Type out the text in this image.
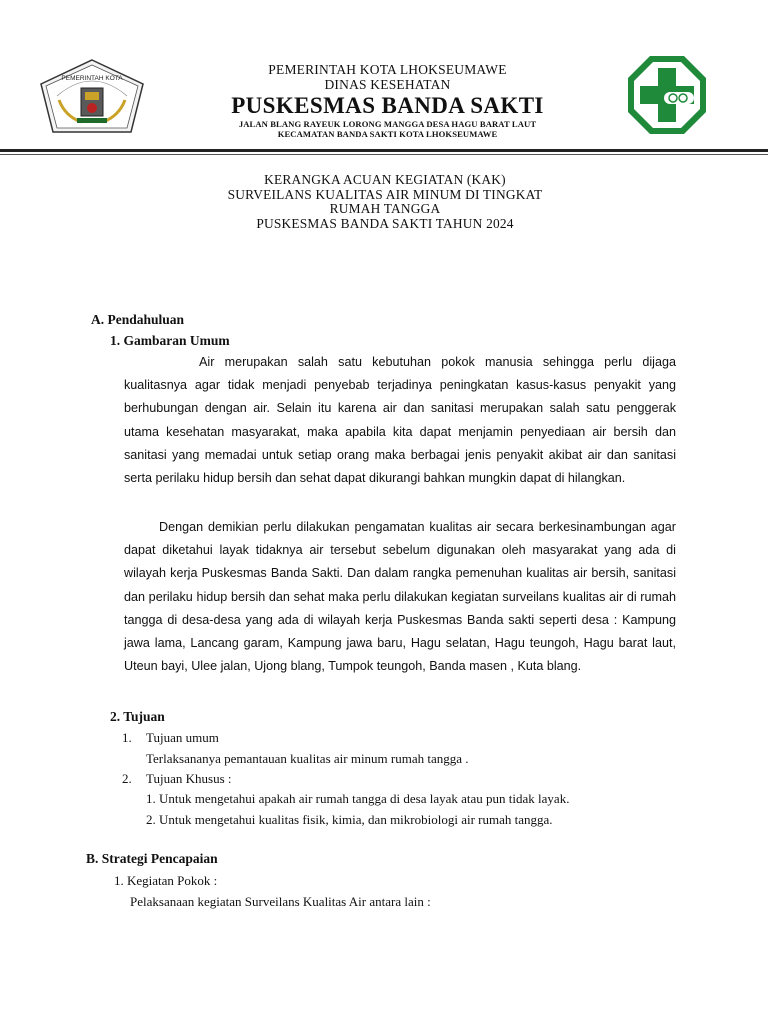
PEMERINTAH KOTA
PEMERINTAH KOTA LHOKSEUMAWE
DINAS KESEHATAN
PUSKESMAS BANDA SAKTI
JALAN BLANG RAYEUK LORONG MANGGA DESA HAGU BARAT LAUT
KECAMATAN BANDA SAKTI KOTA LHOKSEUMAWE
KERANGKA ACUAN KEGIATAN (KAK)
SURVEILANS KUALITAS AIR MINUM DI TINGKAT
RUMAH TANGGA
PUSKESMAS BANDA SAKTI TAHUN 2024
A. Pendahuluan
1. Gambaran Umum

Air merupakan salah satu kebutuhan pokok manusia sehingga perlu dijaga kualitasnya agar tidak menjadi penyebab terjadinya peningkatan kasus-kasus penyakit yang berhubungan dengan air. Selain itu karena air dan sanitasi merupakan salah satu penggerak utama kesehatan masyarakat, maka apabila kita dapat menjamin penyediaan air bersih dan sanitasi yang memadai untuk setiap orang maka berbagai jenis penyakit akibat air dan sanitasi serta perilaku hidup bersih dan sehat dapat dikurangi bahkan mungkin dapat di hilangkan.

Dengan demikian perlu dilakukan pengamatan kualitas air secara berkesinambungan agar dapat diketahui layak tidaknya air tersebut sebelum digunakan oleh masyarakat yang ada di wilayah kerja Puskesmas Banda Sakti. Dan dalam rangka pemenuhan kualitas air bersih, sanitasi dan perilaku hidup bersih dan sehat maka perlu dilakukan kegiatan surveilans kualitas air di rumah tangga di desa-desa yang ada di wilayah kerja Puskesmas Banda sakti seperti desa : Kampung jawa lama, Lancang garam, Kampung jawa baru, Hagu selatan, Hagu teungoh, Hagu barat laut, Uteun bayi, Ulee jalan, Ujong blang, Tumpok teungoh, Banda masen , Kuta blang.

2. Tujuan
1. Tujuan umum
Terlaksananya pemantauan kualitas air minum rumah tangga .
2. Tujuan Khusus :
1. Untuk mengetahui apakah air rumah tangga di desa layak atau pun tidak layak.
2. Untuk mengetahui kualitas fisik, kimia, dan mikrobiologi air rumah tangga.
B. Strategi Pencapaian
1. Kegiatan Pokok :
Pelaksanaan kegiatan Surveilans Kualitas Air antara lain :
